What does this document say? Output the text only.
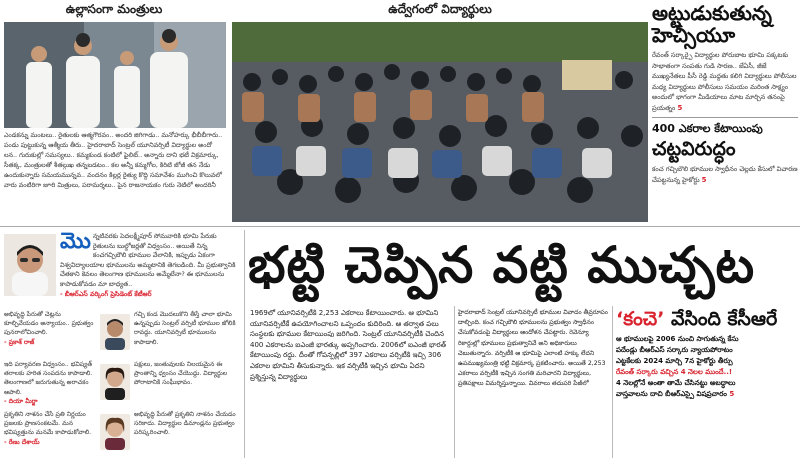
ఉల్లాసంగా మంత్రులు	ఉద్వేగంలో విద్యార్థులు
ఎండకన్ను మంటలు.. రైతులకు ఆత్మగౌరవం.. అందరి జిగిగాడు.. మనోహర్కు భీబీబీగారు.. పండు పుట్టుకున్న ఆత్మీయ తీరు.. హైదరాబాద్ సెంట్రల్ యూనివర్సిటీ విద్యార్థుల అందో లన.. గురుకుల్లో సమస్యలు.. కమ్మకుండ కంటిలో ఫైలిట్.. అన్నారు దాని భటీ విక్రమార్కు, సీతక్క, మంత్రులతో శీతల్గుఖ తన్నబడటం.. కల అన్నీ కమ్మగోల, కిరిటి జోజీ తన నేడు ఉందుకున్నారు సమయమున్నవ.. వందనం కిల్లర్ల రైత్యు కొద్ది సమావేశం ముగించి కొలువలో వారు వంటిరిగా జూరి మిత్రులు, పరామర్శలు.. పైన రాజనాయకం గురు నెటిలో అందరినీ
అట్టుడుకుతున్న హెచ్సీయూ
రేవంత్ సర్కార్పై విద్యార్థుల పోరుబాట భూమి పక్కటకు సాభాతంగా సంపతు గుడి సారణ.. జేఏసీ, జీజే ముఖ్యనేతలు పీసీ రెడ్డి మద్దతు కలిగి విద్యార్థులు పోలీసుల మధ్య విద్యార్థులు పోలీసులు సమయం మరింత సాక్ష్యం అందులో భాగంగా మీడియాలు మాట మార్చిన తనంపై ప్రయత్నం 5
400 ఎకరాల కేటాయింపు
చట్టవిరుద్ధం
కంచ గచ్చిబౌలి భూముల స్వాధీనం చెల్లదు కేసులో విచారణ చేపట్టనున్న హైకోర్టు 5
మొ న్నటివరకు పెదలక్ష్మీపూర్ సోమవారికి భూమి పేరుకు రైతులను బుల్డోజర్లతో విధ్వంసం.. అయితే నిన్న కంచగచ్చిబౌలి భూముల వేలానికి, ఇప్పుడు ఏకంగా విశ్వవిద్యాలయాల భూములను అమ్మటానికి తెగబడింది. మీ ప్రభుత్వానికి చేతకాని కెవలం తెలంగాణ భూములను అమ్మేటేనా? ఈ భూములను కాపాడుకోవడం మా బాధ్యత..
- బీఆర్ఎస్ వర్కింగ్ ప్రెసిడెంట్ కేటీఆర్	భట్టి చెప్పిన వట్టి ముచ్చట
అభివృద్ధి పేరుతో చెట్లను కూల్చివేయడం అన్యాయం.. ప్రభుత్వం పునరాలోచించాలి.
- ప్రకాశ్ రాజ్
గచ్చి కండ మొదలుకొని తీస్తే చాలా భూమి ఉన్నప్పుడు సెంట్రల్ వర్సిటీ భూముల జోలికి రావద్దు. యూనివర్సిటీ భూములను కాపాడాలి.
ఇది పర్యావరణ విధ్వంసం.. భవిష్యత్ తరాలకు హరిత సంపదను కాపాడాలి. తెలంగాణలో జరుగుతున్న అరాచకం ఆపాలి.
- దియా మీర్జా
పక్షులు, జంతువులకు నిలయమైన ఈ ప్రాంతాన్ని ధ్వంసం చేయొద్దు. విద్యార్థుల పోరాటానికి సంఘీభావం.
ప్రకృతిని నాశనం చేసే ప్రతి నిర్ణయం ప్రజలకు ప్రాణసంకటమే. మన భవిష్యత్తును మనమే కాపాడుకోవాలి.
- రేణు దేశాయ్
అభివృద్ధి పేరుతో ప్రకృతిని నాశనం చేయడం సరికాదు. విద్యార్థుల డిమాండ్లను ప్రభుత్వం పరిష్కరించాలి.
1969లో యూనివర్సిటీకి 2,253 ఎకరాలు కేటాయించారు. ఆ భూమిని యూనివర్సిటీకే ఉపయోగించాలని ఒప్పందం కుదిరింది. ఆ తర్వాత పలు సంస్థలకు భూముల కేటాయింపు జరిగింది. సెంట్రల్ యూనివర్సిటీకి చెందిన 400 ఎకరాలను ఐఎంజీ భారత్కు అప్పగించారు. 2006లో ఐఎంజీ భారత్ కేటాయింపు రద్దు. దీంతో గోపన్పల్లిలో 397 ఎకరాలు వర్సిటీకి ఇచ్చి 306 ఎకరాల భూమిని తీసుకున్నారు. ఇక వర్సిటీకి ఇచ్చిన భూమి ఏదని ప్రశ్నిస్తున్న విద్యార్థులు
హైదరాబాద్ సెంట్రల్ యూనివర్సిటీ భూముల వివాదం తీవ్రరూపం దాల్చింది. కంచ గచ్చిబౌలి భూములను ప్రభుత్వం స్వాధీనం చేసుకోవడంపై విద్యార్థులు ఆందోళన చేపట్టారు. రెవెన్యూ రికార్డుల్లో భూములు ప్రభుత్వానివే అని అధికారులు చెబుతున్నారు. వర్సిటీకి ఆ భూమిపై ఎలాంటి హక్కు లేదని ఉపముఖ్యమంత్రి భట్టి విక్రమార్క ప్రకటించారు. అయితే 2,253 ఎకరాలు వర్సిటీకి ఇచ్చిన సంగతి మరిచారని విద్యార్థులు, ప్రతిపక్షాలు విమర్శిస్తున్నాయి. వివరాలు తదుపరి పేజీలో
‘కంచె’ వేసింది కేసీఆరే
ఆ భూములపై 2006 నుంచి సాగుతున్న కేసు
పదేండ్లు బీఆర్ఎస్ సర్కారు న్యాయపోరాటం
ఎట్టకేలకు 2024 మార్చి 7న హైకోర్టు తీర్పు
రేవంత్ సర్కారు వచ్చిన 4 నెలల ముందే..!
4 నెలల్లోనే అంతా తామే చేసినట్టు అబద్ధాలు
వాస్తవాలను దాచి బీఆర్ఎస్పై విషప్రచారం 5
